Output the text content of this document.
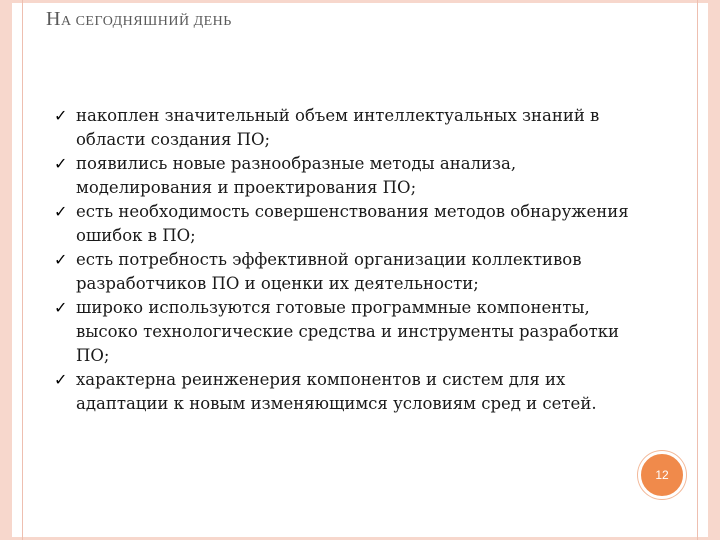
НА СЕГОДНЯШНИЙ ДЕНЬ
✓ накоплен значительный объем интеллектуальных знаний в области создания ПО;
✓ появились новые разнообразные методы анализа, моделирования и проектирования ПО;
✓ есть необходимость совершенствования методов обнаружения ошибок в ПО;
✓ есть потребность эффективной организации коллективов разработчиков ПО и оценки их деятельности;
✓ широко используются готовые программные компоненты, высоко технологические средства и инструменты разработки ПО;
✓ характерна реинженерия компонентов и систем для их адаптации к новым изменяющимся условиям сред и сетей.
12
